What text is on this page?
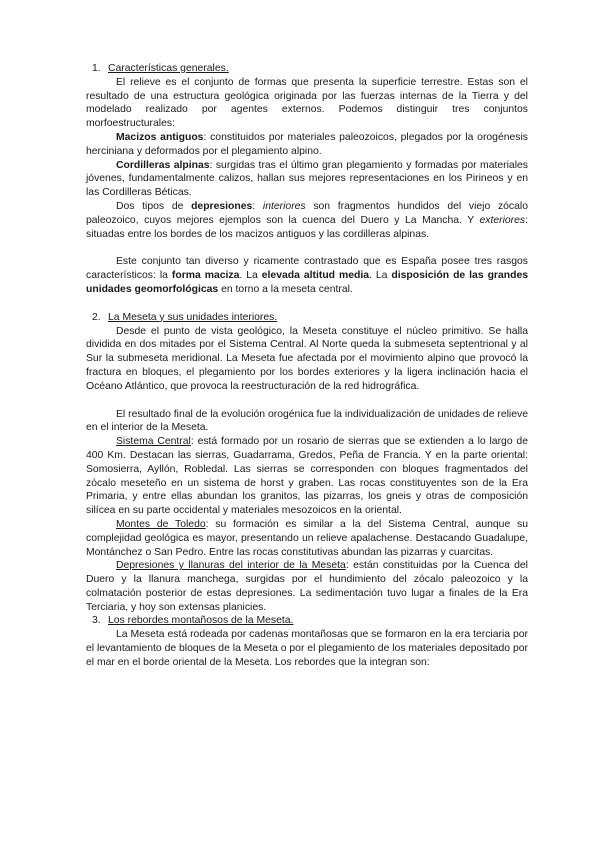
1. Características generales.

El relieve es el conjunto de formas que presenta la superficie terrestre. Estas son el resultado de una estructura geológica originada por las fuerzas internas de la Tierra y del modelado realizado por agentes externos. Podemos distinguir tres conjuntos morfoestructurales:

Macizos antiguos: constituidos por materiales paleozoicos, plegados por la orogénesis herciniana y deformados por el plegamiento alpino.

Cordilleras alpinas: surgidas tras el último gran plegamiento y formadas por materiales jóvenes, fundamentalmente calizos, hallan sus mejores representaciones en los Pirineos y en las Cordilleras Béticas.

Dos tipos de depresiones: interiores son fragmentos hundidos del viejo zócalo paleozoico, cuyos mejores ejemplos son la cuenca del Duero y La Mancha. Y exteriores: situadas entre los bordes de los macizos antiguos y las cordilleras alpinas.

Este conjunto tan diverso y ricamente contrastado que es España posee tres rasgos característicos: la forma maciza. La elevada altitud media. La disposición de las grandes unidades geomorfológicas en torno a la meseta central.

2. La Meseta y sus unidades interiores.

Desde el punto de vista geológico, la Meseta constituye el núcleo primitivo. Se halla dividida en dos mitades por el Sistema Central. Al Norte queda la submeseta septentrional y al Sur la submeseta meridional. La Meseta fue afectada por el movimiento alpino que provocó la fractura en bloques, el plegamiento por los bordes exteriores y la ligera inclinación hacia el Océano Atlántico, que provoca la reestructuración de la red hidrográfica.

El resultado final de la evolución orogénica fue la individualización de unidades de relieve en el interior de la Meseta.

Sistema Central: está formado por un rosario de sierras que se extienden a lo largo de 400 Km. Destacan las sierras, Guadarrama, Gredos, Peña de Francia. Y en la parte oriental: Somosierra, Ayllón, Robledal. Las sierras se corresponden con bloques fragmentados del zócalo meseteño en un sistema de horst y graben. Las rocas constituyentes son de la Era Primaria, y entre ellas abundan los granitos, las pizarras, los gneis y otras de composición silícea en su parte occidental y materiales mesozoicos en la oriental.

Montes de Toledo: su formación es similar a la del Sistema Central, aunque su complejidad geológica es mayor, presentando un relieve apalachense. Destacando Guadalupe, Montánchez o San Pedro. Entre las rocas constitutivas abundan las pizarras y cuarcitas.

Depresiones y llanuras del interior de la Meseta: están constituidas por la Cuenca del Duero y la llanura manchega, surgidas por el hundimiento del zócalo paleozoico y la colmatación posterior de estas depresiones. La sedimentación tuvo lugar a finales de la Era Terciaria, y hoy son extensas planicies.

3. Los rebordes montañosos de la Meseta.

La Meseta está rodeada por cadenas montañosas que se formaron en la era terciaria por el levantamiento de bloques de la Meseta o por el plegamiento de los materiales depositado por el mar en el borde oriental de la Meseta. Los rebordes que la integran son:
